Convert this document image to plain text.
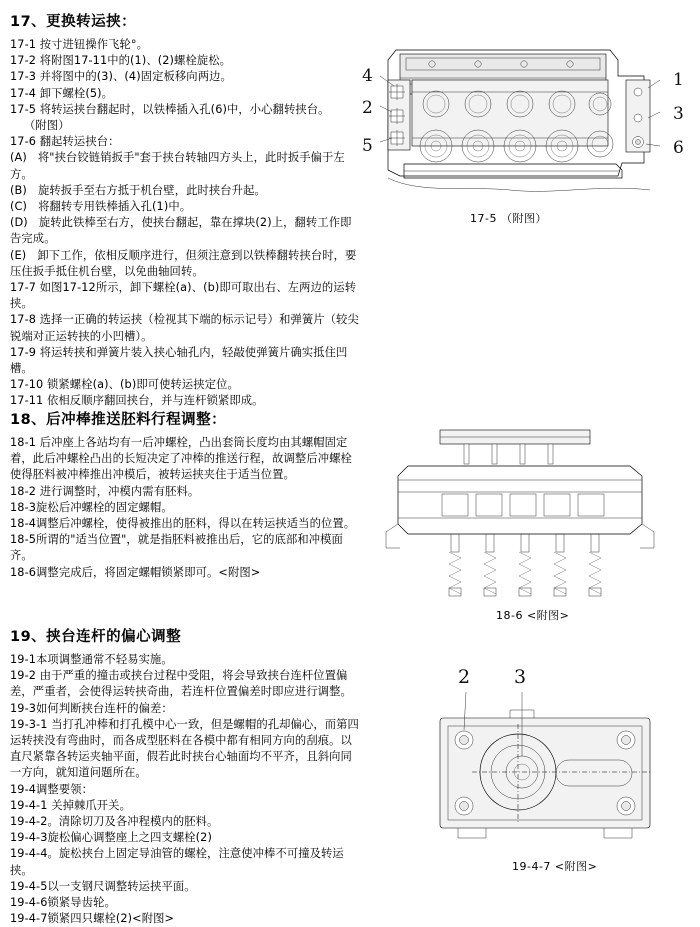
17、更换转运挟：
17-1 按寸进钮操作飞轮°。
17-2 将附图17-11中的(1)、(2)螺栓旋松。
17-3 并将图中的(3)、(4)固定板移向两边。
17-4 卸下螺栓(5)。
17-5 将转运挟台翻起时，以铁棒插入孔(6)中，小心翻转挟台。
（附图）
17-6 翻起转运挟台：
(A)   将"挟台铰链销扳手"套于挟台转轴四方头上，此时扳手偏于左方。
(B)   旋转扳手至右方抵于机台壁，此时挟台升起。
(C)   将翻转专用铁棒插入孔(1)中。
(D)   旋转此铁棒至右方，使挟台翻起，靠在撑块(2)上，翻转工作即告完成。
(E)   卸下工作，依相反顺序进行，但须注意到以铁棒翻转挟台时，要压住扳手抵住机台壁，以免曲轴回转。
17-7 如图17-12所示，卸下螺栓(a)、(b)即可取出右、左两边的运转挟。
17-8 选择一正确的转运挟（检视其下端的标示记号）和弹簧片（较尖锐端对正运转挟的小凹槽）。
17-9 将运转挟和弹簧片装入挟心轴孔内，轻敲使弹簧片确实抵住凹槽。
17-10 锁紧螺栓(a)、(b)即可使转运挟定位。
17-11 依相反顺序翻回挟台，并与连杆锁紧即成。
18、后冲棒推送胚料行程调整：
18-1 后冲座上各站均有一后冲螺栓，凸出套筒长度均由其螺帽固定着，此后冲螺栓凸出的长短决定了冲棒的推送行程，故调整后冲螺栓使得胚料被冲棒推出冲模后，被转运挟夹住于适当位置。
18-2 进行调整时，冲模内需有胚料。
18-3旋松后冲螺栓的固定螺帽。
18-4调整后冲螺栓，使得被推出的胚料，得以在转运挟适当的位置。
18-5所谓的"适当位置"，就是指胚料被推出后，它的底部和冲模面齐。
18-6调整完成后，将固定螺帽锁紧即可。<附图>
19、挟台连杆的偏心调整
19-1本项调整通常不轻易实施。
19-2 由于严重的撞击或挟台过程中受阻，将会导致挟台连杆位置偏差，严重者，会使得运转挟奇曲，若连杆位置偏差时即应进行调整。
19-3如何判断挟台连杆的偏差：
19-3-1 当打孔冲棒和打孔模中心一致，但是螺帽的孔却偏心，而第四运转挟没有弯曲时，而各成型胚料在各模中都有相同方向的刮痕。以直尺紧靠各转运夹轴平面，假若此时挟台心轴面均不平齐，且斜向同一方向，就知道问题所在。
19-4调整要领：
19-4-1 关掉棘爪开关。
19-4-2。清除切刀及各冲程模内的胚料。
19-4-3旋松偏心调整座上之四支螺栓(2)
19-4-4。旋松挟台上固定导油管的螺栓，注意使冲棒不可撞及转运挟。
19-4-5以一支钢尺调整转运挟平面。
19-4-6锁紧导齿轮。
19-4-7锁紧四只螺栓(2)<附图>
4
2
5
1
3
6
17-5 （附图）
18-6 <附图>
2 3
19-4-7 <附图>
